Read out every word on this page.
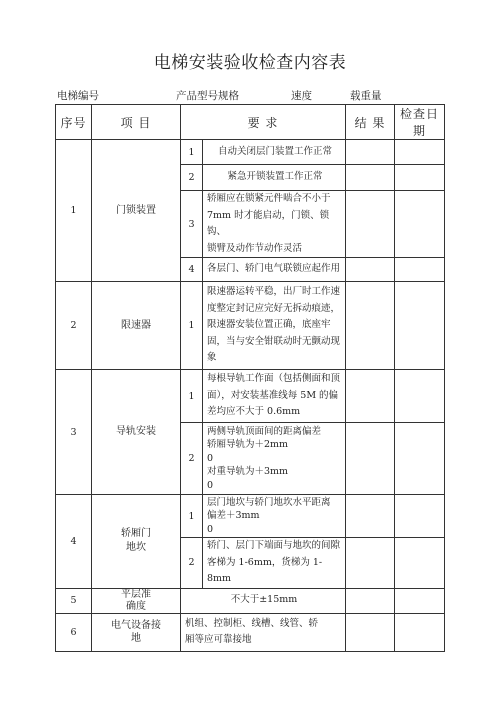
电梯安装验收检查内容表
电梯编号	产品型号规格	速度	载重量
序号	项 目	要 求		结 果	检查日期
1	门锁装置	1	自动关闭层门装置工作正常		
		2	紧急开锁装置工作正常		
		3	轿厢应在锁紧元件啮合不小于
7mm 时才能启动，门锁、锁钩、
锁臂及动作节动作灵活		
		4	各层门、轿门电气联锁应起作用		
2	限速器	1	限速器运转平稳，出厂时工作速
度整定封记应完好无拆动痕迹，
限速器安装位置正确，底座牢
固，当与安全钳联动时无颤动现
象		
3	导轨安装	1	每根导轨工作面（包括侧面和顶
面），对安装基准线每 5M 的偏
差均应不大于 0.6mm		
		2	两侧导轨顶面间的距离偏差
轿厢导轨为＋2mm
0
对重导轨为＋3mm
0		
4	轿厢门
地坎	1	层门地坎与轿门地坎水平距离
偏差＋3mm
0		
		2	轿门、层门下端面与地坎的间隙
客梯为 1-6mm，货梯为 1-8mm		
5	平层准
确度	不大于±15mm			
6	电气设备接
地	机组、控制柜、线槽、线管、轿
厢等应可靠接地			
